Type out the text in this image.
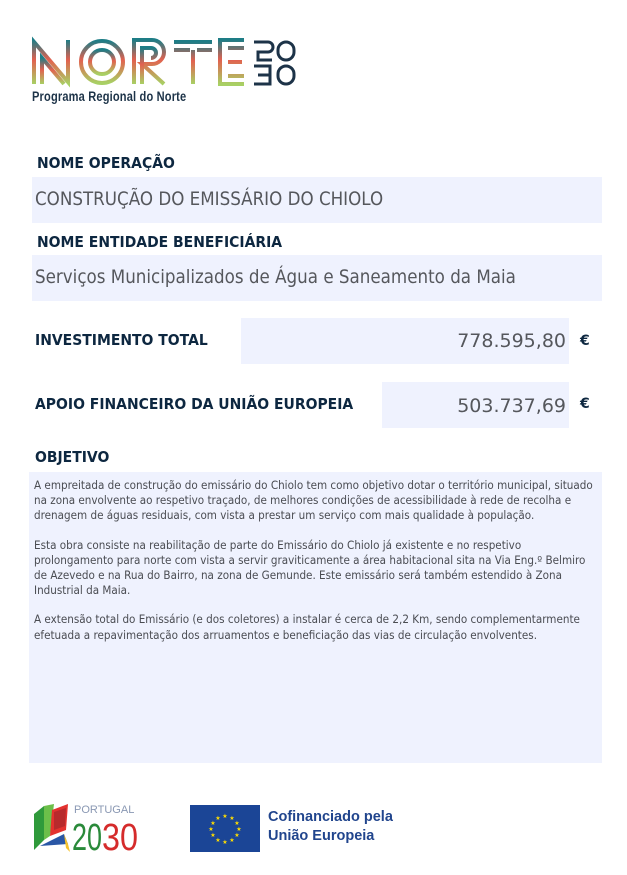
Programa Regional do Norte
NOME OPERAÇÃO
CONSTRUÇÃO DO EMISSÁRIO DO CHIOLO
NOME ENTIDADE BENEFICIÁRIA
Serviços Municipalizados de Água e Saneamento da Maia
INVESTIMENTO TOTAL	778.595,80 €
APOIO FINANCEIRO DA UNIÃO EUROPEIA	503.737,69 €
OBJETIVO

A empreitada de construção do emissário do Chiolo tem como objetivo dotar o território municipal, situado na zona envolvente ao respetivo traçado, de melhores condições de acessibilidade à rede de recolha e drenagem de águas residuais, com vista a prestar um serviço com mais qualidade à população.

Esta obra consiste na reabilitação de parte do Emissário do Chiolo já existente e no respetivo prolongamento para norte com vista a servir graviticamente a área habitacional sita na Via Eng.º Belmiro de Azevedo e na Rua do Bairro, na zona de Gemunde. Este emissário será também estendido à Zona Industrial da Maia.

A extensão total do Emissário (e dos coletores) a instalar é cerca de 2,2 Km, sendo complementarmente efetuada a repavimentação dos arruamentos e beneficiação das vias de circulação envolventes.

PORTUGAL
20 30
★ ★
★
★
★
★
★
★
★
★
★
★	Cofinanciado pela
União Europeia
